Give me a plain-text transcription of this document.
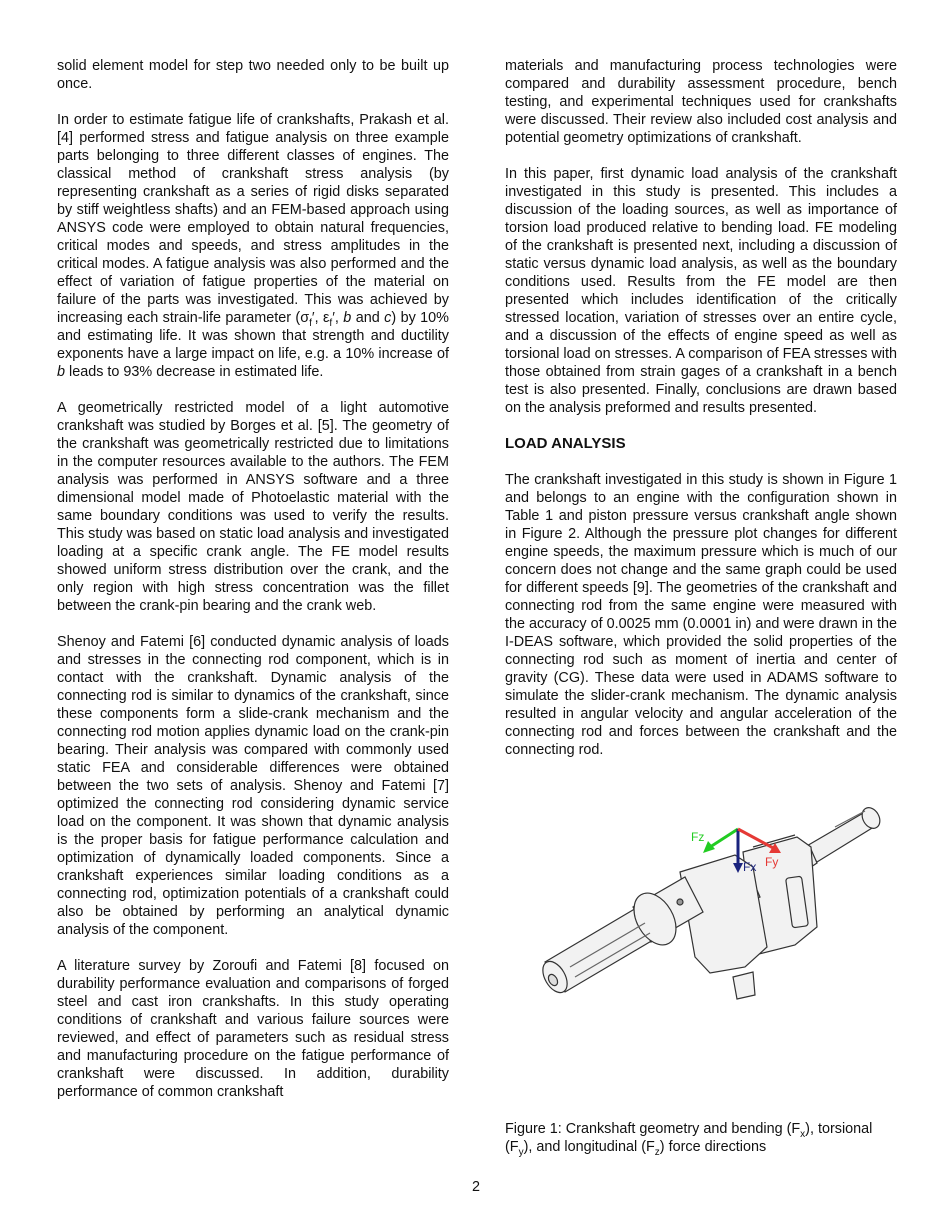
solid element model for step two needed only to be built up once.

In order to estimate fatigue life of crankshafts, Prakash et al. [4] performed stress and fatigue analysis on three example parts belonging to three different classes of engines. The classical method of crankshaft stress analysis (by representing crankshaft as a series of rigid disks separated by stiff weightless shafts) and an FEM-based approach using ANSYS code were employed to obtain natural frequencies, critical modes and speeds, and stress amplitudes in the critical modes. A fatigue analysis was also performed and the effect of variation of fatigue properties of the material on failure of the parts was investigated. This was achieved by increasing each strain-life parameter ($\sigma_f'$, $\varepsilon_f'$, b and c) by 10% and estimating life. It was shown that strength and ductility exponents have a large impact on life, e.g. a 10% increase of b leads to 93% decrease in estimated life.

A geometrically restricted model of a light automotive crankshaft was studied by Borges et al. [5]. The geometry of the crankshaft was geometrically restricted due to limitations in the computer resources available to the authors. The FEM analysis was performed in ANSYS software and a three dimensional model made of Photoelastic material with the same boundary conditions was used to verify the results. This study was based on static load analysis and investigated loading at a specific crank angle. The FE model results showed uniform stress distribution over the crank, and the only region with high stress concentration was the fillet between the crank-pin bearing and the crank web.

Shenoy and Fatemi [6] conducted dynamic analysis of loads and stresses in the connecting rod component, which is in contact with the crankshaft. Dynamic analysis of the connecting rod is similar to dynamics of the crankshaft, since these components form a slide-crank mechanism and the connecting rod motion applies dynamic load on the crank-pin bearing. Their analysis was compared with commonly used static FEA and considerable differences were obtained between the two sets of analysis. Shenoy and Fatemi [7] optimized the connecting rod considering dynamic service load on the component. It was shown that dynamic analysis is the proper basis for fatigue performance calculation and optimization of dynamically loaded components. Since a crankshaft experiences similar loading conditions as a connecting rod, optimization potentials of a crankshaft could also be obtained by performing an analytical dynamic analysis of the component.

A literature survey by Zoroufi and Fatemi [8] focused on durability performance evaluation and comparisons of forged steel and cast iron crankshafts. In this study operating conditions of crankshaft and various failure sources were reviewed, and effect of parameters such as residual stress and manufacturing procedure on the fatigue performance of crankshaft were discussed. In addition, durability performance of common crankshaft

materials and manufacturing process technologies were compared and durability assessment procedure, bench testing, and experimental techniques used for crankshafts were discussed. Their review also included cost analysis and potential geometry optimizations of crankshaft.

In this paper, first dynamic load analysis of the crankshaft investigated in this study is presented. This includes a discussion of the loading sources, as well as importance of torsion load produced relative to bending load. FE modeling of the crankshaft is presented next, including a discussion of static versus dynamic load analysis, as well as the boundary conditions used. Results from the FE model are then presented which includes identification of the critically stressed location, variation of stresses over an entire cycle, and a discussion of the effects of engine speed as well as torsional load on stresses. A comparison of FEA stresses with those obtained from strain gages of a crankshaft in a bench test is also presented. Finally, conclusions are drawn based on the analysis preformed and results presented.

LOAD ANALYSIS

The crankshaft investigated in this study is shown in Figure 1 and belongs to an engine with the configuration shown in Table 1 and piston pressure versus crankshaft angle shown in Figure 2. Although the pressure plot changes for different engine speeds, the maximum pressure which is much of our concern does not change and the same graph could be used for different speeds [9]. The geometries of the crankshaft and connecting rod from the same engine were measured with the accuracy of 0.0025 mm (0.0001 in) and were drawn in the I-DEAS software, which provided the solid properties of the connecting rod such as moment of inertia and center of gravity (CG). These data were used in ADAMS software to simulate the slider-crank mechanism. The dynamic analysis resulted in angular velocity and angular acceleration of the connecting rod and forces between the crankshaft and the connecting rod.

Fz
Fx Fy
Figure 1: Crankshaft geometry and bending $(F_x)$, torsional $(F_y)$, and longitudinal $(F_z)$ force directions
2
